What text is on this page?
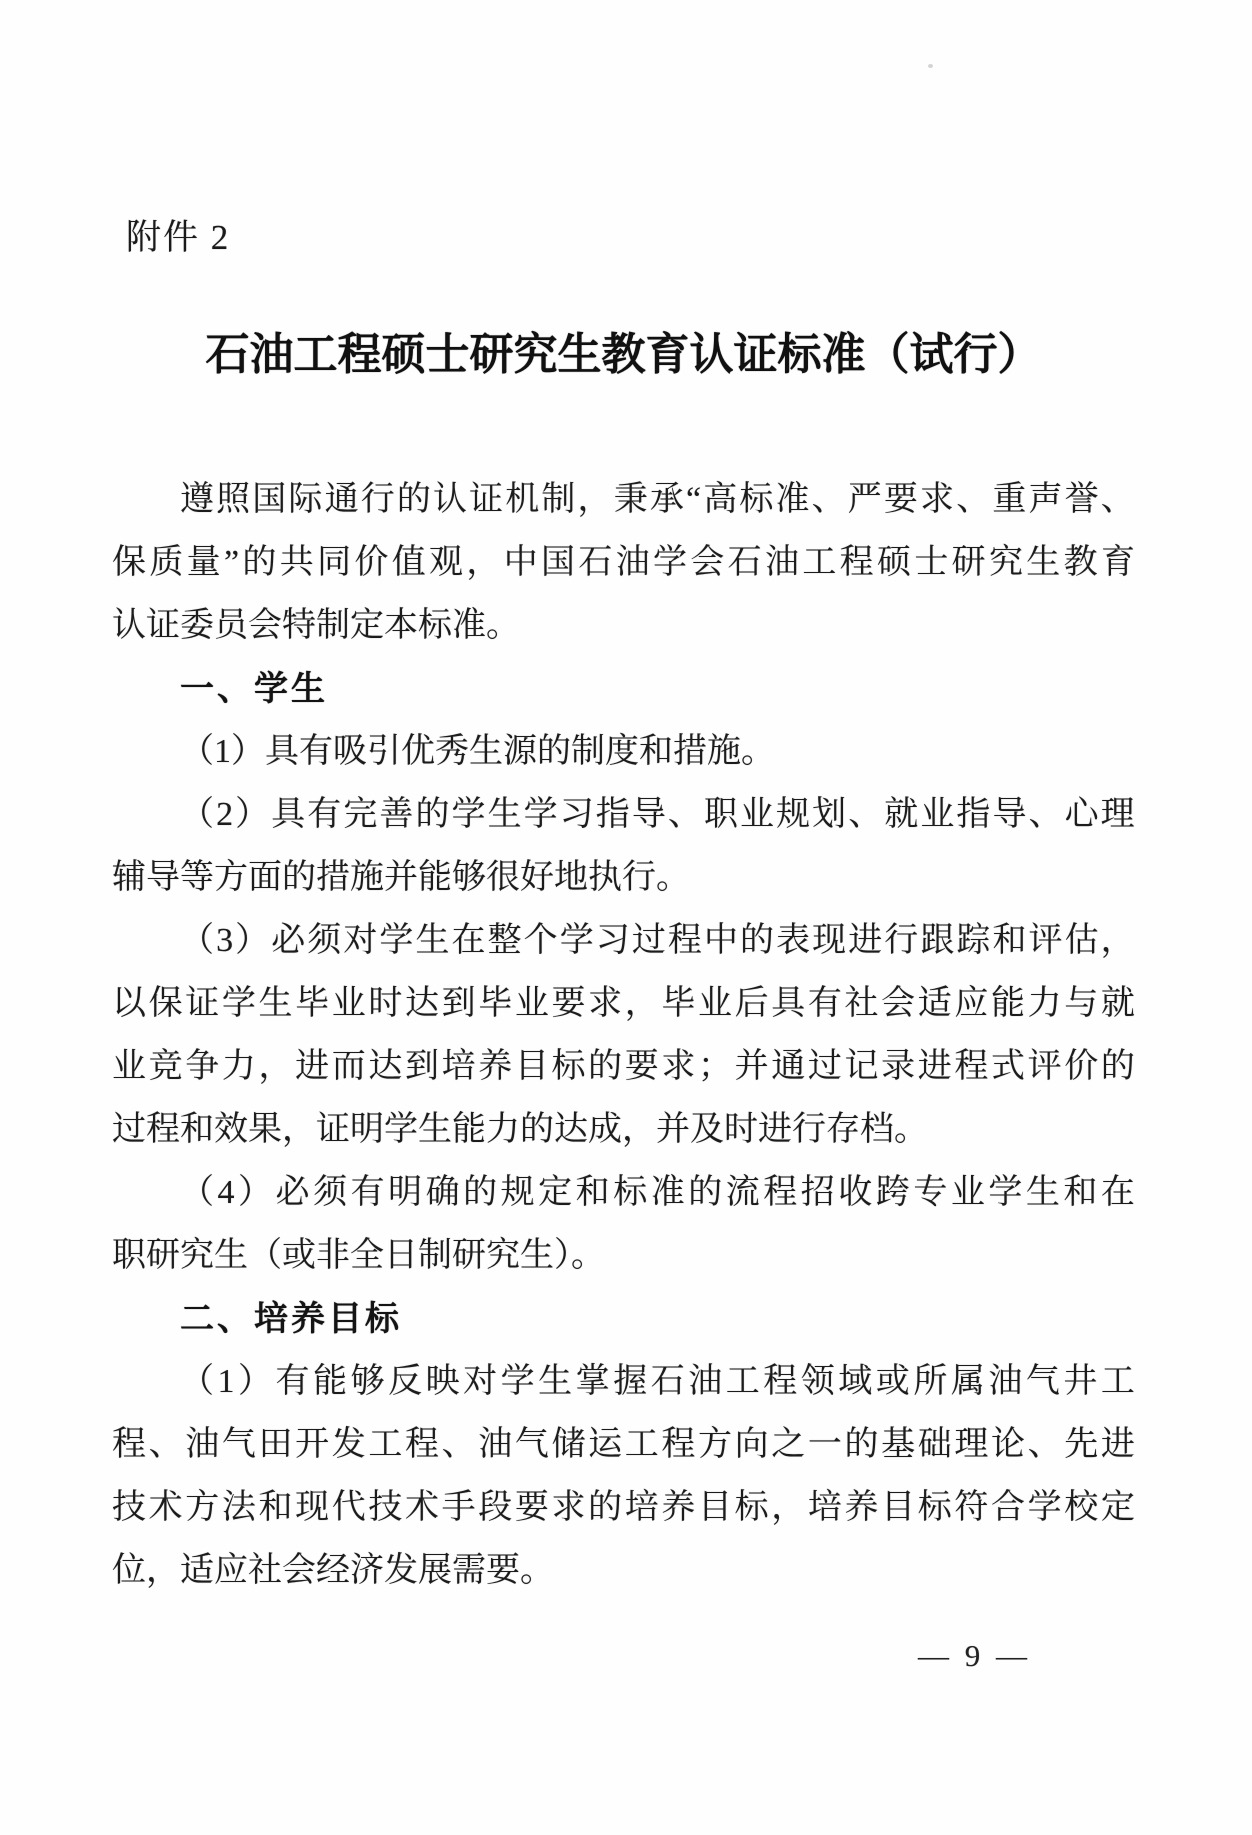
附件 2
石油工程硕士研究生教育认证标准（试行）
遵 照 国 际 通 行 的 认 证 机 制 ， 秉 承 “ 高 标 准 、 严 要 求 、 重 声 誉 、
保 质 量 ” 的 共 同 价 值 观 ， 中 国 石 油 学 会 石 油 工 程 硕 士 研 究 生 教 育
认证委员会特制定本标准。
一、学生
（1）具有吸引优秀生源的制度和措施。
（ 2 ） 具 有 完 善 的 学 生 学 习 指 导 、 职 业 规 划 、 就 业 指 导 、 心 理
辅导等方面的措施并能够很好地执行。
（ 3 ） 必 须 对 学 生 在 整 个 学 习 过 程 中 的 表 现 进 行 跟 踪 和 评 估 ，
以 保 证 学 生 毕 业 时 达 到 毕 业 要 求 ， 毕 业 后 具 有 社 会 适 应 能 力 与 就
业 竞 争 力 ， 进 而 达 到 培 养 目 标 的 要 求 ； 并 通 过 记 录 进 程 式 评 价 的
过程和效果，证明学生能力的达成，并及时进行存档。
（ 4 ） 必 须 有 明 确 的 规 定 和 标 准 的 流 程 招 收 跨 专 业 学 生 和 在
职研究生（或非全日制研究生）。
二、培养目标
（ 1 ） 有 能 够 反 映 对 学 生 掌 握 石 油 工 程 领 域 或 所 属 油 气 井 工
程 、 油 气 田 开 发 工 程 、 油 气 储 运 工 程 方 向 之 一 的 基 础 理 论 、 先 进
技 术 方 法 和 现 代 技 术 手 段 要 求 的 培 养 目 标 ， 培 养 目 标 符 合 学 校 定
位，适应社会经济发展需要。
— 9 —
